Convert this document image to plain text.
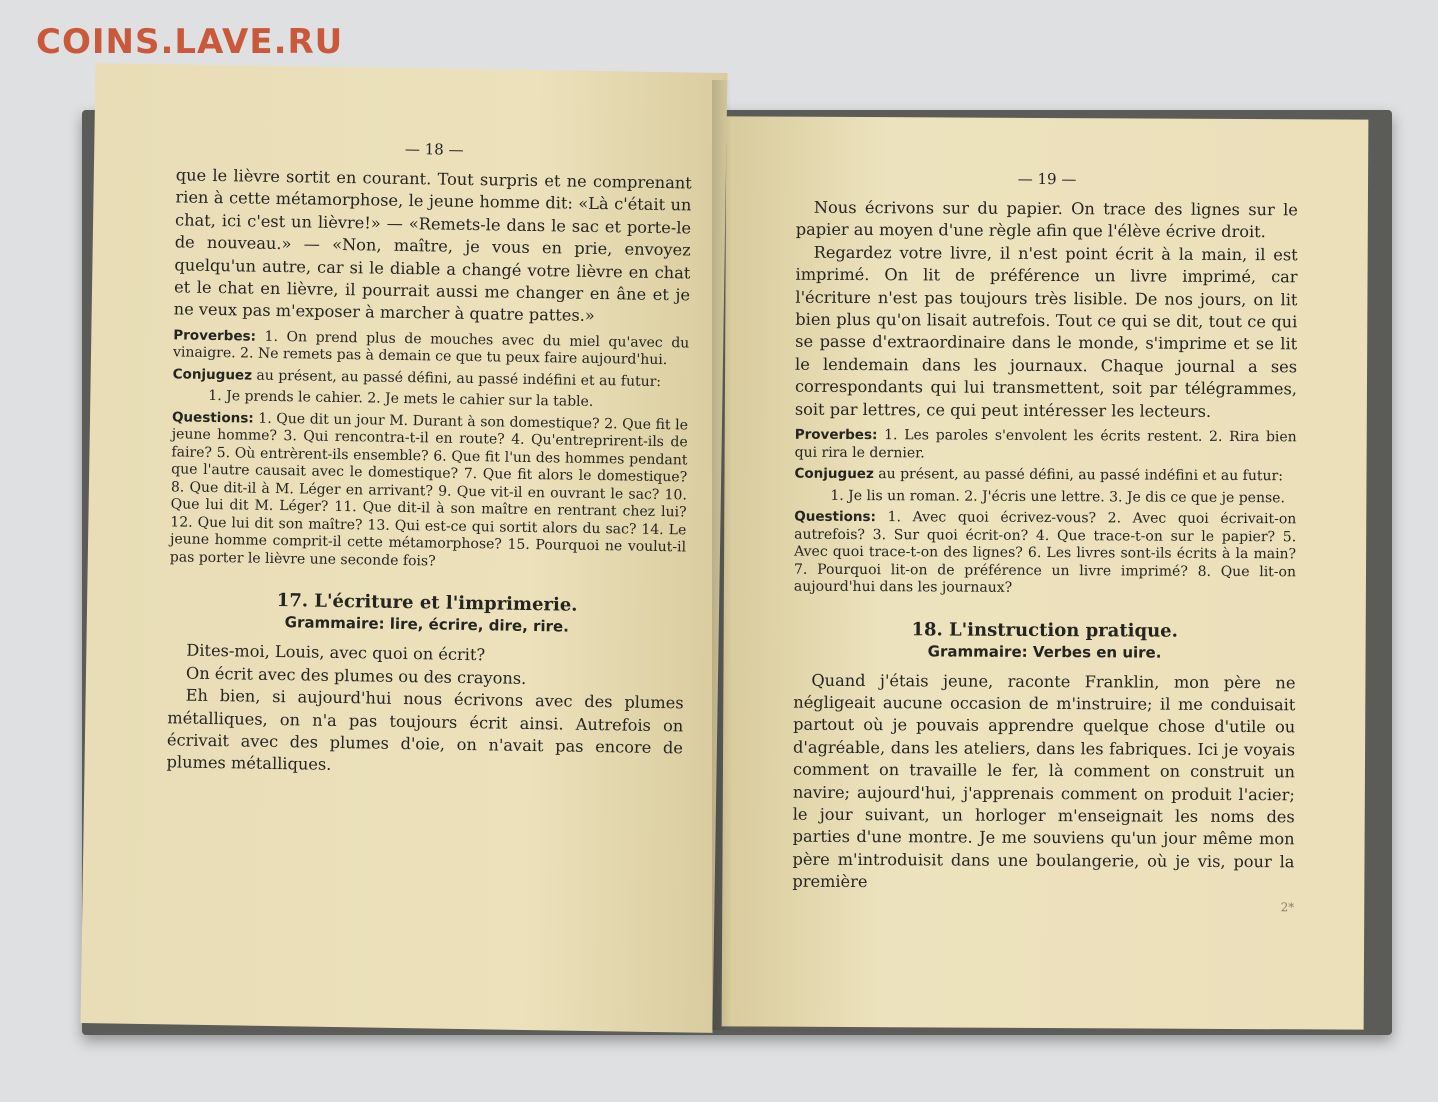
COINS.LAVE.RU
— 18 —

que le lièvre sortit en courant. Tout surpris et ne comprenant rien à cette métamorphose, le jeune homme dit: «Là c'était un chat, ici c'est un lièvre!» — «Remets-le dans le sac et porte-le de nouveau.» — «Non, maître, je vous en prie, envoyez quelqu'un autre, car si le diable a changé votre lièvre en chat et le chat en lièvre, il pourrait aussi me changer en âne et je ne veux pas m'exposer à marcher à quatre pattes.»

Proverbes: 1. On prend plus de mouches avec du miel qu'avec du vinaigre. 2. Ne remets pas à demain ce que tu peux faire aujourd'hui.

Conjuguez au présent, au passé défini, au passé indéfini et au futur:

1. Je prends le cahier. 2. Je mets le cahier sur la table.

Questions: 1. Que dit un jour M. Durant à son domestique? 2. Que fit le jeune homme? 3. Qui rencontra-t-il en route? 4. Qu'entreprirent-ils de faire? 5. Où entrèrent-ils ensemble? 6. Que fit l'un des hommes pendant que l'autre causait avec le domestique? 7. Que fit alors le domestique? 8. Que dit-il à M. Léger en arrivant? 9. Que vit-il en ouvrant le sac? 10. Que lui dit M. Léger? 11. Que dit-il à son maître en rentrant chez lui? 12. Que lui dit son maître? 13. Qui est-ce qui sortit alors du sac? 14. Le jeune homme comprit-il cette métamorphose? 15. Pourquoi ne voulut-il pas porter le lièvre une seconde fois?

17. L'écriture et l'imprimerie.
Grammaire: lire, écrire, dire, rire.

Dites-moi, Louis, avec quoi on écrit?

On écrit avec des plumes ou des crayons.

Eh bien, si aujourd'hui nous écrivons avec des plumes métalliques, on n'a pas toujours écrit ainsi. Autrefois on écrivait avec des plumes d'oie, on n'avait pas encore de plumes métalliques.

— 19 —

Nous écrivons sur du papier. On trace des lignes sur le papier au moyen d'une règle afin que l'élève écrive droit.

Regardez votre livre, il n'est point écrit à la main, il est imprimé. On lit de préférence un livre imprimé, car l'écriture n'est pas toujours très lisible. De nos jours, on lit bien plus qu'on lisait autrefois. Tout ce qui se dit, tout ce qui se passe d'extraordinaire dans le monde, s'imprime et se lit le lendemain dans les journaux. Chaque journal a ses correspondants qui lui transmettent, soit par télégrammes, soit par lettres, ce qui peut intéresser les lecteurs.

Proverbes: 1. Les paroles s'envolent les écrits restent. 2. Rira bien qui rira le dernier.

Conjuguez au présent, au passé défini, au passé indéfini et au futur:

1. Je lis un roman. 2. J'écris une lettre. 3. Je dis ce que je pense.

Questions: 1. Avec quoi écrivez-vous? 2. Avec quoi écrivait-on autrefois? 3. Sur quoi écrit-on? 4. Que trace-t-on sur le papier? 5. Avec quoi trace-t-on des lignes? 6. Les livres sont-ils écrits à la main? 7. Pourquoi lit-on de préférence un livre imprimé? 8. Que lit-on aujourd'hui dans les journaux?

18. L'instruction pratique.
Grammaire: Verbes en uire.

Quand j'étais jeune, raconte Franklin, mon père ne négligeait aucune occasion de m'instruire; il me conduisait partout où je pouvais apprendre quelque chose d'utile ou d'agréable, dans les ateliers, dans les fabriques. Ici je voyais comment on travaille le fer, là comment on construit un navire; aujourd'hui, j'apprenais comment on produit l'acier; le jour suivant, un horloger m'enseignait les noms des parties d'une montre. Je me souviens qu'un jour même mon père m'introduisit dans une boulangerie, où je vis, pour la première

2*
